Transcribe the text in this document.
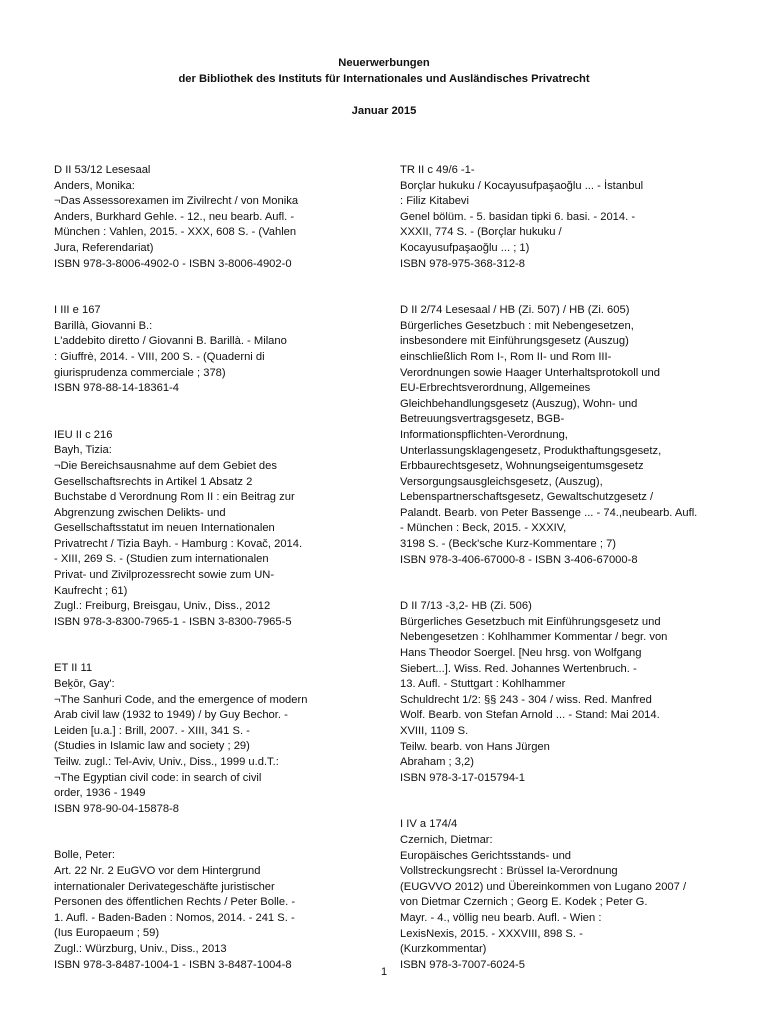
Neuerwerbungen
der Bibliothek des Instituts für Internationales und Ausländisches Privatrecht
Januar 2015
D II 53/12 Lesesaal
Anders, Monika:
¬Das Assessorexamen im Zivilrecht / von Monika
Anders, Burkhard Gehle. - 12., neu bearb. Aufl. -
München : Vahlen, 2015. - XXX, 608 S. - (Vahlen
Jura, Referendariat)
ISBN 978-3-8006-4902-0 - ISBN 3-8006-4902-0
I III e 167
Barillà, Giovanni B.:
L'addebito diretto / Giovanni B. Barillà. - Milano
: Giuffrè, 2014. - VIII, 200 S. - (Quaderni di
giurisprudenza commerciale ; 378)
ISBN 978-88-14-18361-4
IEU II c 216
Bayh, Tizia:
¬Die Bereichsausnahme auf dem Gebiet des
Gesellschaftsrechts in Artikel 1 Absatz 2
Buchstabe d Verordnung Rom II : ein Beitrag zur
Abgrenzung zwischen Delikts- und
Gesellschaftsstatut im neuen Internationalen
Privatrecht / Tizia Bayh. - Hamburg : Kovač, 2014.
- XIII, 269 S. - (Studien zum internationalen
Privat- und Zivilprozessrecht sowie zum UN-
Kaufrecht ; 61)
Zugl.: Freiburg, Breisgau, Univ., Diss., 2012
ISBN 978-3-8300-7965-1 - ISBN 3-8300-7965-5
ET II 11
Beḵōr, Gay':
¬The Sanhuri Code, and the emergence of modern
Arab civil law (1932 to 1949) / by Guy Bechor. -
Leiden [u.a.] : Brill, 2007. - XIII, 341 S. -
(Studies in Islamic law and society ; 29)
Teilw. zugl.: Tel-Aviv, Univ., Diss., 1999 u.d.T.:
¬The Egyptian civil code: in search of civil
order, 1936 - 1949
ISBN 978-90-04-15878-8
Bolle, Peter:
Art. 22 Nr. 2 EuGVO vor dem Hintergrund
internationaler Derivategeschäfte juristischer
Personen des öffentlichen Rechts / Peter Bolle. -
1. Aufl. - Baden-Baden : Nomos, 2014. - 241 S. -
(Ius Europaeum ; 59)
Zugl.: Würzburg, Univ., Diss., 2013
ISBN 978-3-8487-1004-1 - ISBN 3-8487-1004-8
TR II c 49/6 -1-
Borçlar hukuku / Kocayusufpaşaoğlu ... - İstanbul
: Filiz Kitabevi
Genel bölüm. - 5. basidan tipki 6. basi. - 2014. -
XXXII, 774 S. - (Borçlar hukuku /
Kocayusufpaşaoğlu ... ; 1)
ISBN 978-975-368-312-8
D II 2/74 Lesesaal / HB (Zi. 507) / HB (Zi. 605)
Bürgerliches Gesetzbuch : mit Nebengesetzen,
insbesondere mit Einführungsgesetz (Auszug)
einschließlich Rom I-, Rom II- und Rom III-
Verordnungen sowie Haager Unterhaltsprotokoll und
EU-Erbrechtsverordnung, Allgemeines
Gleichbehandlungsgesetz (Auszug), Wohn- und
Betreuungsvertragsgesetz, BGB-
Informationspflichten-Verordnung,
Unterlassungsklagengesetz, Produkthaftungsgesetz,
Erbbaurechtsgesetz, Wohnungseigentumsgesetz
Versorgungsausgleichsgesetz, (Auszug),
Lebenspartnerschaftsgesetz, Gewaltschutzgesetz /
Palandt. Bearb. von Peter Bassenge ... - 74.,neubearb. Aufl.
- München : Beck, 2015. - XXXIV,
3198 S. - (Beck'sche Kurz-Kommentare ; 7)
ISBN 978-3-406-67000-8 - ISBN 3-406-67000-8
D II 7/13 -3,2- HB (Zi. 506)
Bürgerliches Gesetzbuch mit Einführungsgesetz und
Nebengesetzen : Kohlhammer Kommentar / begr. von
Hans Theodor Soergel. [Neu hrsg. von Wolfgang
Siebert...]. Wiss. Red. Johannes Wertenbruch. -
13. Aufl. - Stuttgart : Kohlhammer
Schuldrecht 1/2: §§ 243 - 304 / wiss. Red. Manfred
Wolf. Bearb. von Stefan Arnold ... - Stand: Mai 2014.
XVIII, 1109 S.
Teilw. bearb. von Hans Jürgen
Abraham ; 3,2)
ISBN 978-3-17-015794-1
I IV a 174/4
Czernich, Dietmar:
Europäisches Gerichtsstands- und
Vollstreckungsrecht : Brüssel Ia-Verordnung
(EUGVVO 2012) und Übereinkommen von Lugano 2007 /
von Dietmar Czernich ; Georg E. Kodek ; Peter G.
Mayr. - 4., völlig neu bearb. Aufl. - Wien :
LexisNexis, 2015. - XXXVIII, 898 S. -
(Kurzkommentar)
ISBN 978-3-7007-6024-5
1
